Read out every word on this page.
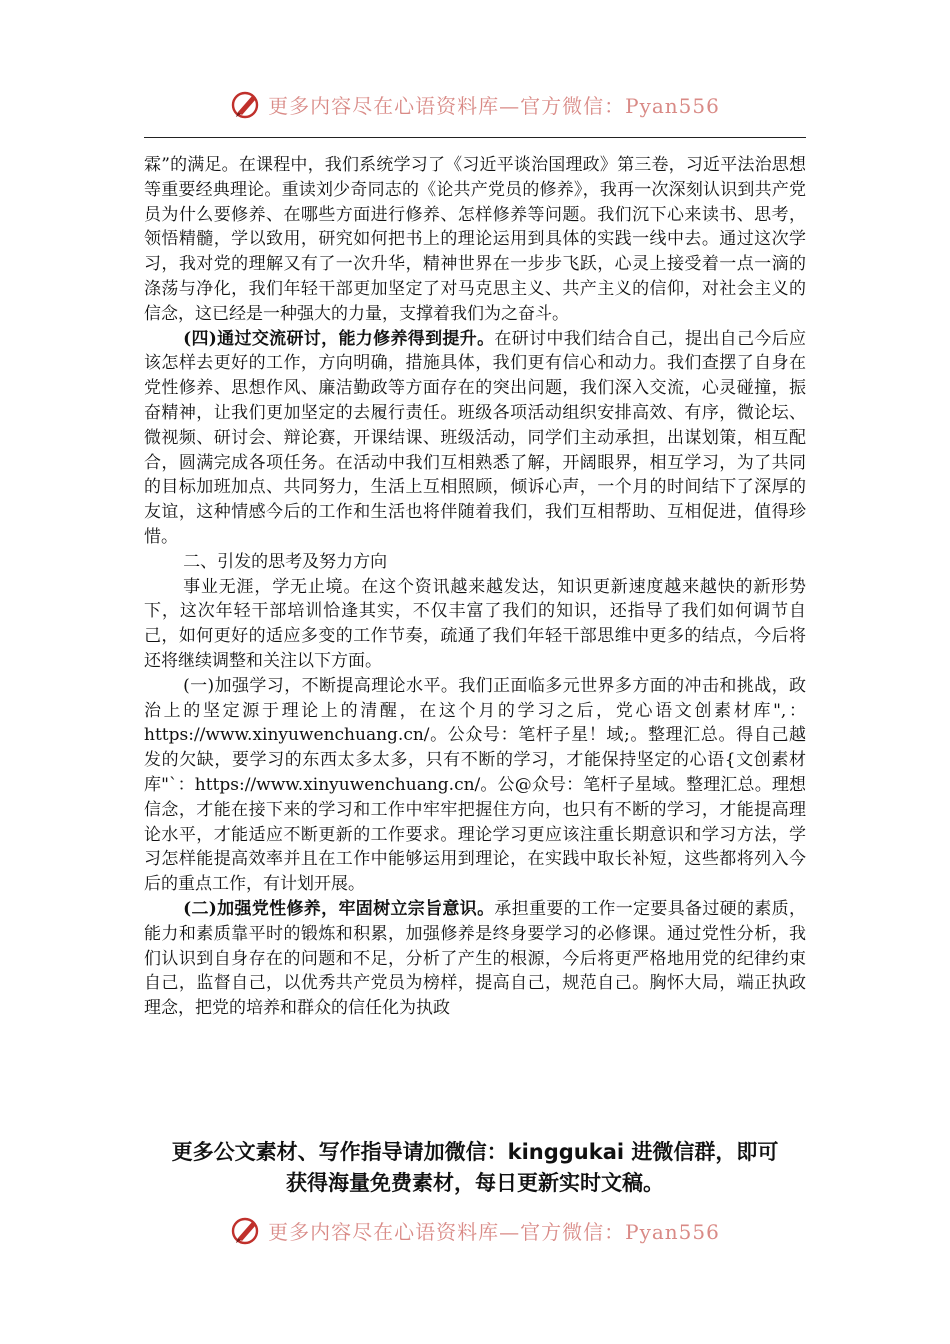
更多内容尽在心语资料库—官方微信：Pyan556

霖”的满足。在课程中，我们系统学习了《习近平谈治国理政》第三卷，习近平法治思想等重要经典理论。重读刘少奇同志的《论共产党员的修养》，我再一次深刻认识到共产党员为什么要修养、在哪些方面进行修养、怎样修养等问题。我们沉下心来读书、思考，领悟精髓，学以致用，研究如何把书上的理论运用到具体的实践一线中去。通过这次学习，我对党的理解又有了一次升华，精神世界在一步步飞跃，心灵上接受着一点一滴的涤荡与净化，我们年轻干部更加坚定了对马克思主义、共产主义的信仰，对社会主义的信念，这已经是一种强大的力量，支撑着我们为之奋斗。

(四)通过交流研讨，能力修养得到提升。在研讨中我们结合自己，提出自己今后应该怎样去更好的工作，方向明确，措施具体，我们更有信心和动力。我们查摆了自身在党性修养、思想作风、廉洁勤政等方面存在的突出问题，我们深入交流，心灵碰撞，振奋精神，让我们更加坚定的去履行责任。班级各项活动组织安排高效、有序，微论坛、微视频、研讨会、辩论赛，开课结课、班级活动，同学们主动承担，出谋划策，相互配合，圆满完成各项任务。在活动中我们互相熟悉了解，开阔眼界，相互学习，为了共同的目标加班加点、共同努力，生活上互相照顾，倾诉心声，一个月的时间结下了深厚的友谊，这种情感今后的工作和生活也将伴随着我们，我们互相帮助、互相促进，值得珍惜。

二、引发的思考及努力方向

事业无涯，学无止境。在这个资讯越来越发达，知识更新速度越来越快的新形势下，这次年轻干部培训恰逢其实，不仅丰富了我们的知识，还指导了我们如何调节自己，如何更好的适应多变的工作节奏，疏通了我们年轻干部思维中更多的结点，今后将还将继续调整和关注以下方面。

(一)加强学习，不断提高理论水平。我们正面临多元世界多方面的冲击和挑战，政治上的坚定源于理论上的清醒，在这个月的学习之后，党心语文创素材库",：https://www.xinyuwenchuang.cn/。公众号：笔杆子星！域;。整理汇总。得自己越发的欠缺，要学习的东西太多太多，只有不断的学习，才能保持坚定的心语{文创素材库"`：https://www.xinyuwenchuang.cn/。公@众号：笔杆子星域。整理汇总。理想信念，才能在接下来的学习和工作中牢牢把握住方向，也只有不断的学习，才能提高理论水平，才能适应不断更新的工作要求。理论学习更应该注重长期意识和学习方法，学习怎样能提高效率并且在工作中能够运用到理论，在实践中取长补短，这些都将列入今后的重点工作，有计划开展。

(二)加强党性修养，牢固树立宗旨意识。承担重要的工作一定要具备过硬的素质，能力和素质靠平时的锻炼和积累，加强修养是终身要学习的必修课。通过党性分析，我们认识到自身存在的问题和不足，分析了产生的根源，今后将更严格地用党的纪律约束自己，监督自己，以优秀共产党员为榜样，提高自己，规范自己。胸怀大局，端正执政理念，把党的培养和群众的信任化为执政

更多公文素材、写作指导请加微信：kinggukai 进微信群，即可
获得海量免费素材，每日更新实时文稿。
更多内容尽在心语资料库—官方微信：Pyan556
